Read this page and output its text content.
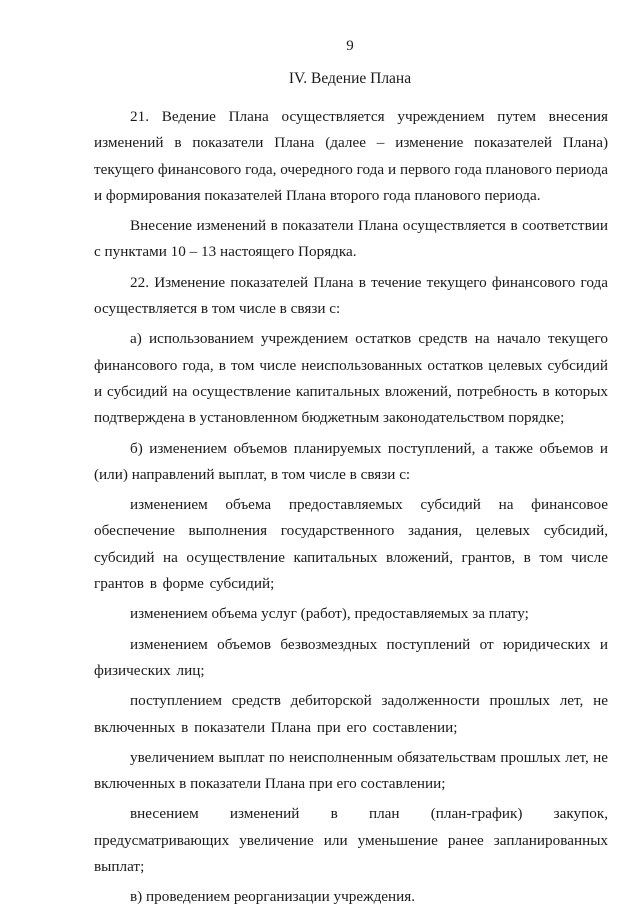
9
IV. Ведение Плана

21. Ведение Плана осуществляется учреждением путем внесения изменений в показатели Плана (далее – изменение показателей Плана) текущего финансового года, очередного года и первого года планового периода и формирования показателей Плана второго года планового периода.

Внесение изменений в показатели Плана осуществляется в соответствии с пунктами 10 – 13 настоящего Порядка.

22. Изменение показателей Плана в течение текущего финансового года осуществляется в том числе в связи с:

а) использованием учреждением остатков средств на начало текущего финансового года, в том числе неиспользованных остатков целевых субсидий и субсидий на осуществление капитальных вложений, потребность в которых подтверждена в установленном бюджетным законодательством порядке;

б) изменением объемов планируемых поступлений, а также объемов и (или) направлений выплат, в том числе в связи с:

изменением объема предоставляемых субсидий на финансовое обеспечение выполнения государственного задания, целевых субсидий, субсидий на осуществление капитальных вложений, грантов, в том числе грантов в форме субсидий;

изменением объема услуг (работ), предоставляемых за плату;

изменением объемов безвозмездных поступлений от юридических и физических лиц;

поступлением средств дебиторской задолженности прошлых лет, не включенных в показатели Плана при его составлении;

увеличением выплат по неисполненным обязательствам прошлых лет, не включенных в показатели Плана при его составлении;

внесением изменений в план (план-график) закупок, предусматривающих увеличение или уменьшение ранее запланированных выплат;

в) проведением реорганизации учреждения.
